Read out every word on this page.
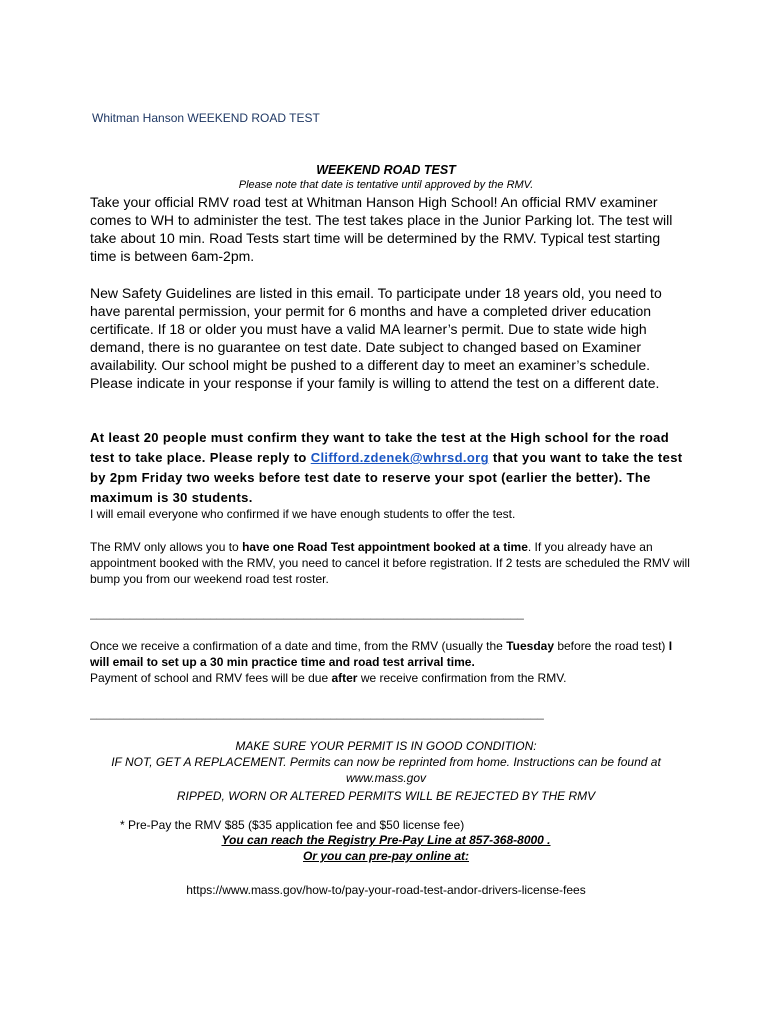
Whitman Hanson WEEKEND ROAD TEST
WEEKEND ROAD TEST
Please note that date is tentative until approved by the RMV.
Take your official RMV road test at Whitman Hanson High School! An official RMV examiner comes to WH to administer the test. The test takes place in the Junior Parking lot. The test will take about 10 min. Road Tests start time will be determined by the RMV. Typical test starting time is between 6am-2pm.
New Safety Guidelines are listed in this email. To participate under 18 years old, you need to have parental permission, your permit for 6 months and have a completed driver education certificate. If 18 or older you must have a valid MA learner’s permit. Due to state wide high demand, there is no guarantee on test date. Date subject to changed based on Examiner availability. Our school might be pushed to a different day to meet an examiner’s schedule. Please indicate in your response if your family is willing to attend the test on a different date.
At least 20 people must confirm they want to take the test at the High school for the road test to take place. Please reply to Clifford.zdenek@whrsd.org that you want to take the test by 2pm Friday two weeks before test date to reserve your spot (earlier the better). The maximum is 30 students.
I will email everyone who confirmed if we have enough students to offer the test.
The RMV only allows you to have one Road Test appointment booked at a time. If you already have an appointment booked with the RMV, you need to cancel it before registration. If 2 tests are scheduled the RMV will bump you from our weekend road test roster.
_________________________________________________________________
Once we receive a confirmation of a date and time, from the RMV (usually the Tuesday before the road test) I will email to set up a 30 min practice time and road test arrival time.
Payment of school and RMV fees will be due after we receive confirmation from the RMV.
____________________________________________________________________
MAKE SURE YOUR PERMIT IS IN GOOD CONDITION:
IF NOT, GET A REPLACEMENT. Permits can now be reprinted from home. Instructions can be found at www.mass.gov
RIPPED, WORN OR ALTERED PERMITS WILL BE REJECTED BY THE RMV
* Pre-Pay the RMV $85 ($35 application fee and $50 license fee)
You can reach the Registry Pre-Pay Line at 857-368-8000 .
Or you can pre-pay online at:
https://www.mass.gov/how-to/pay-your-road-test-andor-drivers-license-fees
